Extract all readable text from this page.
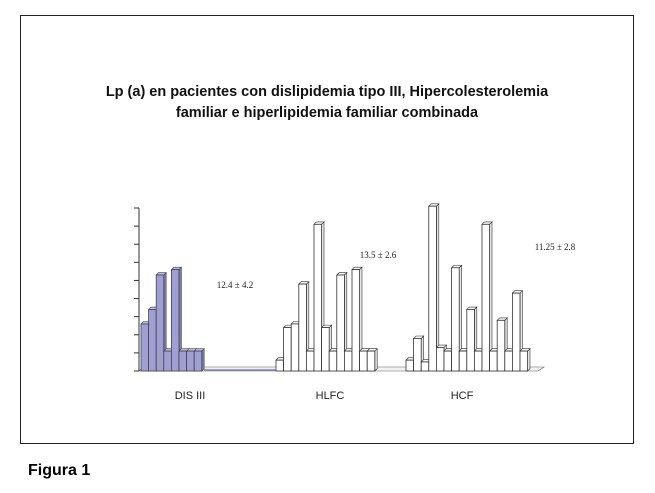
Lp (a) en pacientes con dislipidemia tipo III, Hipercolesterolemia
familiar e hiperlipidemia familiar combinada
DIS III
12.4 ± 4.2
HLFC
13.5 ± 2.6
HCF
11.25 ± 2.8
Figura 1
